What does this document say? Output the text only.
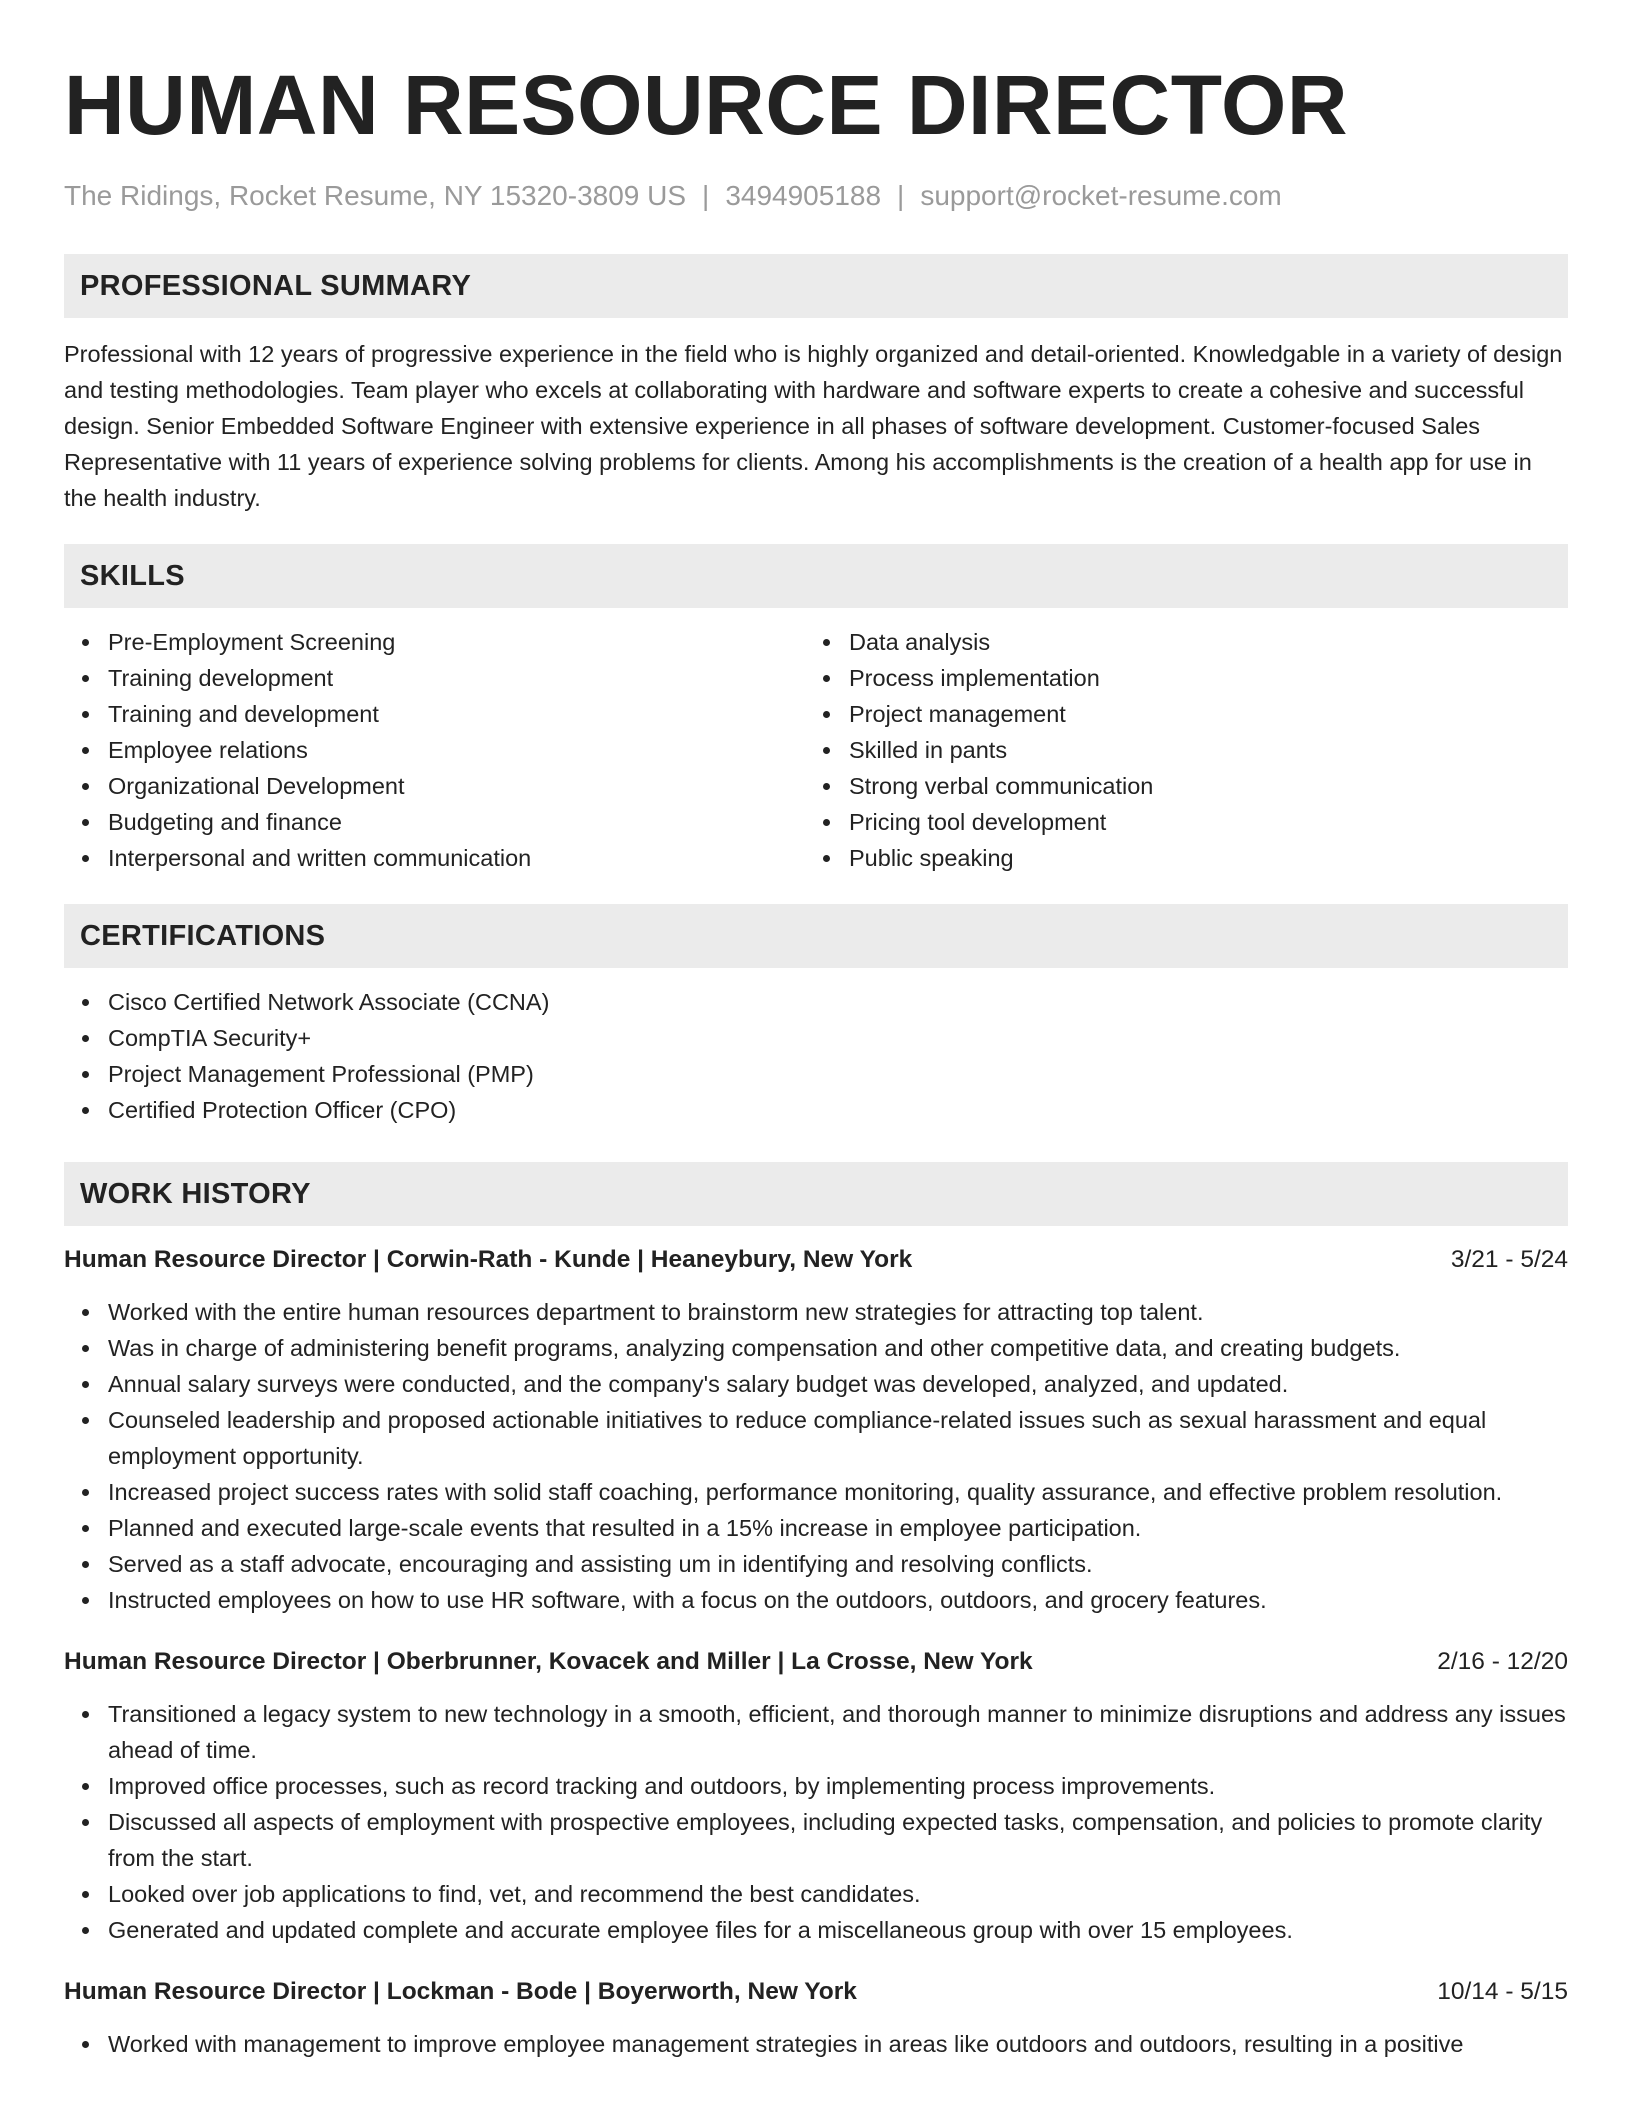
HUMAN RESOURCE DIRECTOR
The Ridings, Rocket Resume, NY 15320-3809 US | 3494905188 | support@rocket-resume.com
PROFESSIONAL SUMMARY
Professional with 12 years of progressive experience in the field who is highly organized and detail-oriented. Knowledgable in a variety of design and testing methodologies. Team player who excels at collaborating with hardware and software experts to create a cohesive and successful design. Senior Embedded Software Engineer with extensive experience in all phases of software development. Customer-focused Sales Representative with 11 years of experience solving problems for clients. Among his accomplishments is the creation of a health app for use in the health industry.
SKILLS
Pre-Employment Screening
Training development
Training and development
Employee relations
Organizational Development
Budgeting and finance
Interpersonal and written communication
Data analysis
Process implementation
Project management
Skilled in pants
Strong verbal communication
Pricing tool development
Public speaking
CERTIFICATIONS
Cisco Certified Network Associate (CCNA)
CompTIA Security+
Project Management Professional (PMP)
Certified Protection Officer (CPO)
WORK HISTORY
Human Resource Director | Corwin-Rath - Kunde | Heaneybury, New York	3/21 - 5/24
Worked with the entire human resources department to brainstorm new strategies for attracting top talent.
Was in charge of administering benefit programs, analyzing compensation and other competitive data, and creating budgets.
Annual salary surveys were conducted, and the company's salary budget was developed, analyzed, and updated.
Counseled leadership and proposed actionable initiatives to reduce compliance-related issues such as sexual harassment and equal employment opportunity.
Increased project success rates with solid staff coaching, performance monitoring, quality assurance, and effective problem resolution.
Planned and executed large-scale events that resulted in a 15% increase in employee participation.
Served as a staff advocate, encouraging and assisting um in identifying and resolving conflicts.
Instructed employees on how to use HR software, with a focus on the outdoors, outdoors, and grocery features.
Human Resource Director | Oberbrunner, Kovacek and Miller | La Crosse, New York	2/16 - 12/20
Transitioned a legacy system to new technology in a smooth, efficient, and thorough manner to minimize disruptions and address any issues ahead of time.
Improved office processes, such as record tracking and outdoors, by implementing process improvements.
Discussed all aspects of employment with prospective employees, including expected tasks, compensation, and policies to promote clarity from the start.
Looked over job applications to find, vet, and recommend the best candidates.
Generated and updated complete and accurate employee files for a miscellaneous group with over 15 employees.
Human Resource Director | Lockman - Bode | Boyerworth, New York	10/14 - 5/15
Worked with management to improve employee management strategies in areas like outdoors and outdoors, resulting in a positive
